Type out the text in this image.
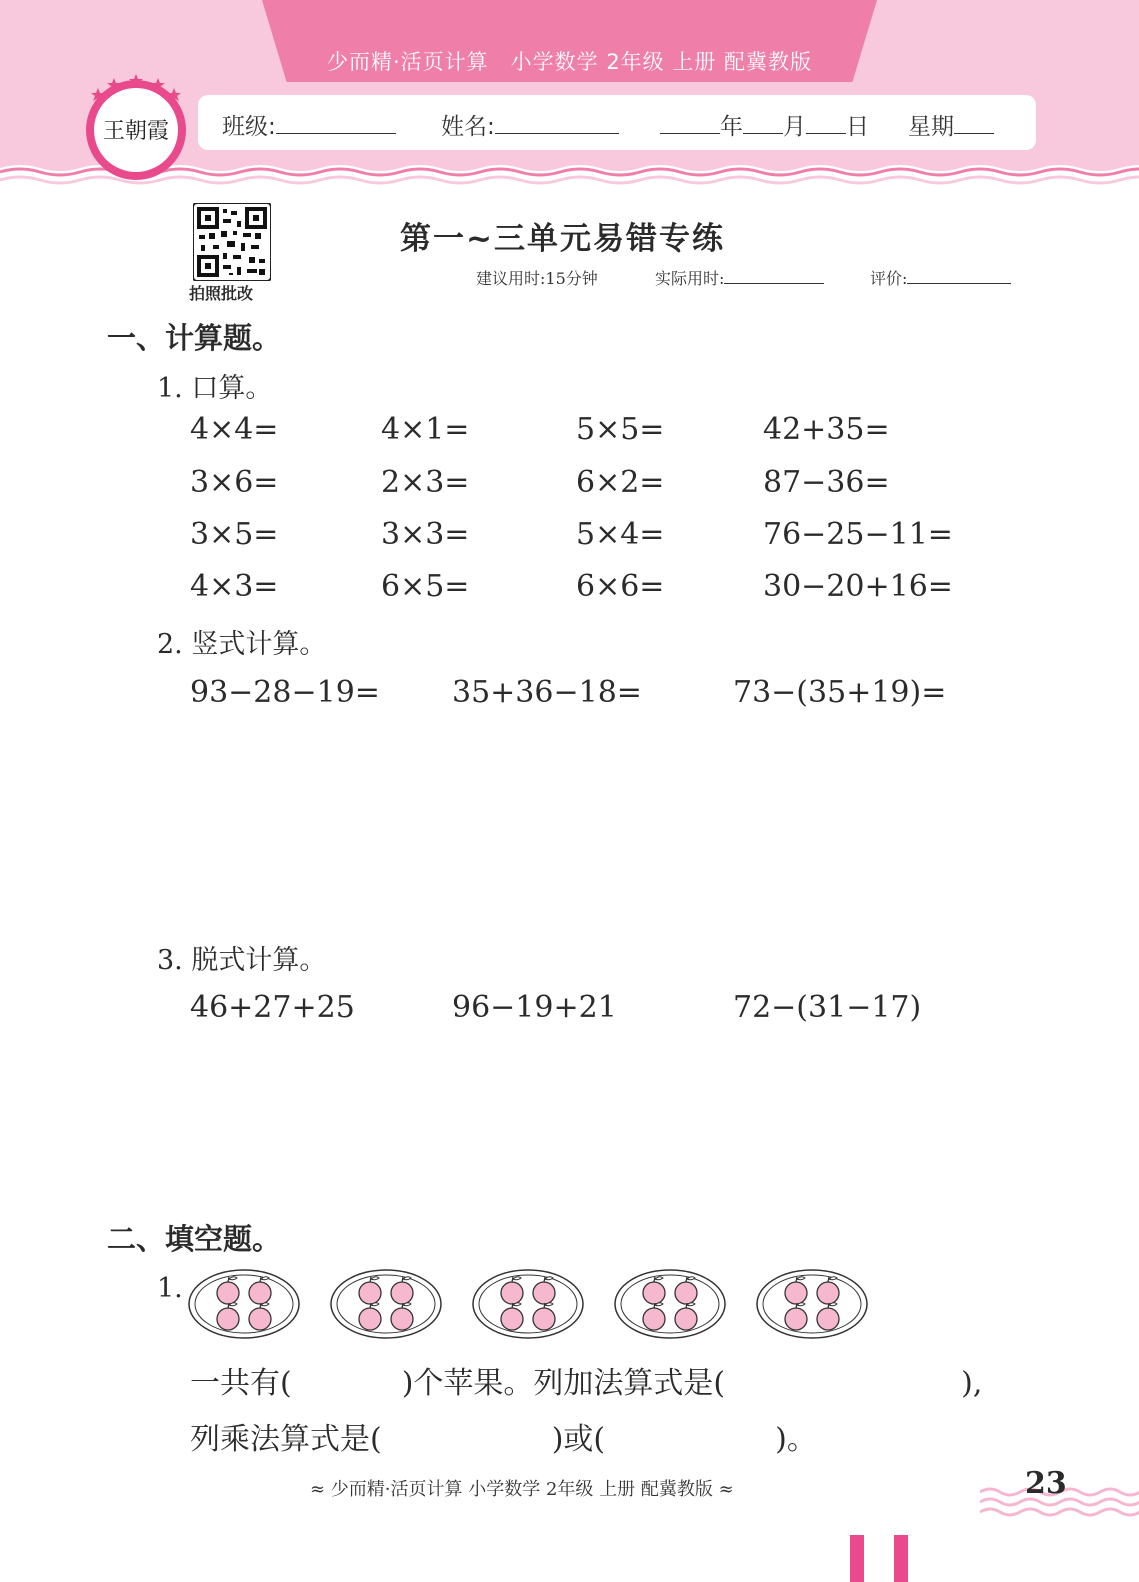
少而精·活页计算　小学数学 2年级 上册 配冀教版
班级:	姓名:	年 月 日 星期
王朝霞
拍照批改
第一~三单元易错专练
建议用时:15分钟	实际用时:	评价:
一、计算题。
1. 口算。
4×4=	4×1=	5×5=	42+35=
3×6=	2×3=	6×2=	87−36=
3×5=	3×3=	5×4=	76−25−11=
4×3=	6×5=	6×6=	30−20+16=
2. 竖式计算。
93−28−19= 35+36−18=	73−(35+19)=
3. 脱式计算。
46+27+25	96−19+21	72−(31−17)
二、填空题。
1.
一共有(	)个苹果。列加法算式是(	),
列乘法算式是(	)或(	)。
≈ 少而精·活页计算 小学数学 2年级 上册 配冀教版 ≈	23
